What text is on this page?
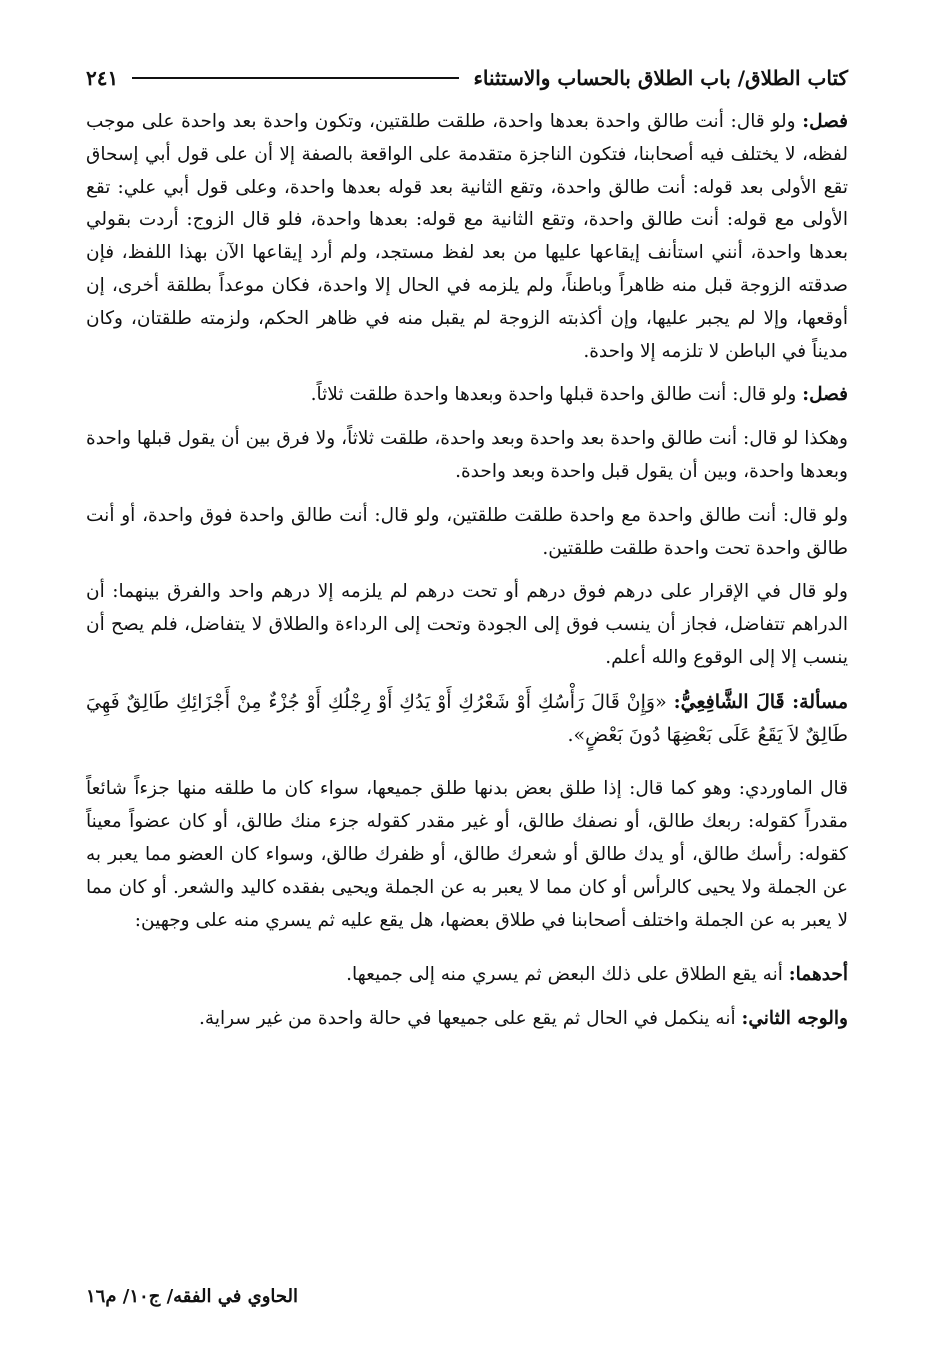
كتاب الطلاق/ باب الطلاق بالحساب والاستثناء
٢٤١

فصل: ولو قال: أنت طالق واحدة بعدها واحدة، طلقت طلقتين، وتكون واحدة بعد واحدة على موجب لفظه، لا يختلف فيه أصحابنا، فتكون الناجزة متقدمة على الواقعة بالصفة إلا أن على قول أبي إسحاق تقع الأولى بعد قوله: أنت طالق واحدة، وتقع الثانية بعد قوله بعدها واحدة، وعلى قول أبي علي: تقع الأولى مع قوله: أنت طالق واحدة، وتقع الثانية مع قوله: بعدها واحدة، فلو قال الزوج: أردت بقولي بعدها واحدة، أنني استأنف إيقاعها عليها من بعد لفظ مستجد، ولم أرد إيقاعها الآن بهذا اللفظ، فإن صدقته الزوجة قبل منه ظاهراً وباطناً، ولم يلزمه في الحال إلا واحدة، فكان موعداً بطلقة أخرى، إن أوقعها، وإلا لم يجبر عليها، وإن أكذبته الزوجة لم يقبل منه في ظاهر الحكم، ولزمته طلقتان، وكان مديناً في الباطن لا تلزمه إلا واحدة.

فصل: ولو قال: أنت طالق واحدة قبلها واحدة وبعدها واحدة طلقت ثلاثاً.

وهكذا لو قال: أنت طالق واحدة بعد واحدة وبعد واحدة، طلقت ثلاثاً، ولا فرق بين أن يقول قبلها واحدة وبعدها واحدة، وبين أن يقول قبل واحدة وبعد واحدة.

ولو قال: أنت طالق واحدة مع واحدة طلقت طلقتين، ولو قال: أنت طالق واحدة فوق واحدة، أو أنت طالق واحدة تحت واحدة طلقت طلقتين.

ولو قال في الإقرار على درهم فوق درهم أو تحت درهم لم يلزمه إلا درهم واحد والفرق بينهما: أن الدراهم تتفاضل، فجاز أن ينسب فوق إلى الجودة وتحت إلى الرداءة والطلاق لا يتفاضل، فلم يصح أن ينسب إلا إلى الوقوع والله أعلم.

مسألة: قَالَ الشَّافِعِيُّ: «وَإِنْ قَالَ رَأْسُكِ أَوْ شَعْرُكِ أَوْ يَدُكِ أَوْ رِجْلُكِ أَوْ جُزْءٌ مِنْ أَجْزَائِكِ طَالِقٌ فَهِيَ طَالِقٌ لاَ يَقَعُ عَلَى بَعْضِهَا دُونَ بَعْضٍ».

قال الماوردي: وهو كما قال: إذا طلق بعض بدنها طلق جميعها، سواء كان ما طلقه منها جزءاً شائعاً مقدراً كقوله: ربعك طالق، أو نصفك طالق، أو غير مقدر كقوله جزء منك طالق، أو كان عضواً معيناً كقوله: رأسك طالق، أو يدك طالق أو شعرك طالق، أو ظفرك طالق، وسواء كان العضو مما يعبر به عن الجملة ولا يحيى كالرأس أو كان مما لا يعبر به عن الجملة ويحيى بفقده كاليد والشعر. أو كان مما لا يعبر به عن الجملة واختلف أصحابنا في طلاق بعضها، هل يقع عليه ثم يسري منه على وجهين:

أحدهما: أنه يقع الطلاق على ذلك البعض ثم يسري منه إلى جميعها.

والوجه الثاني: أنه ينكمل في الحال ثم يقع على جميعها في حالة واحدة من غير سراية.

الحاوي في الفقه/ ج١٠/ م١٦
